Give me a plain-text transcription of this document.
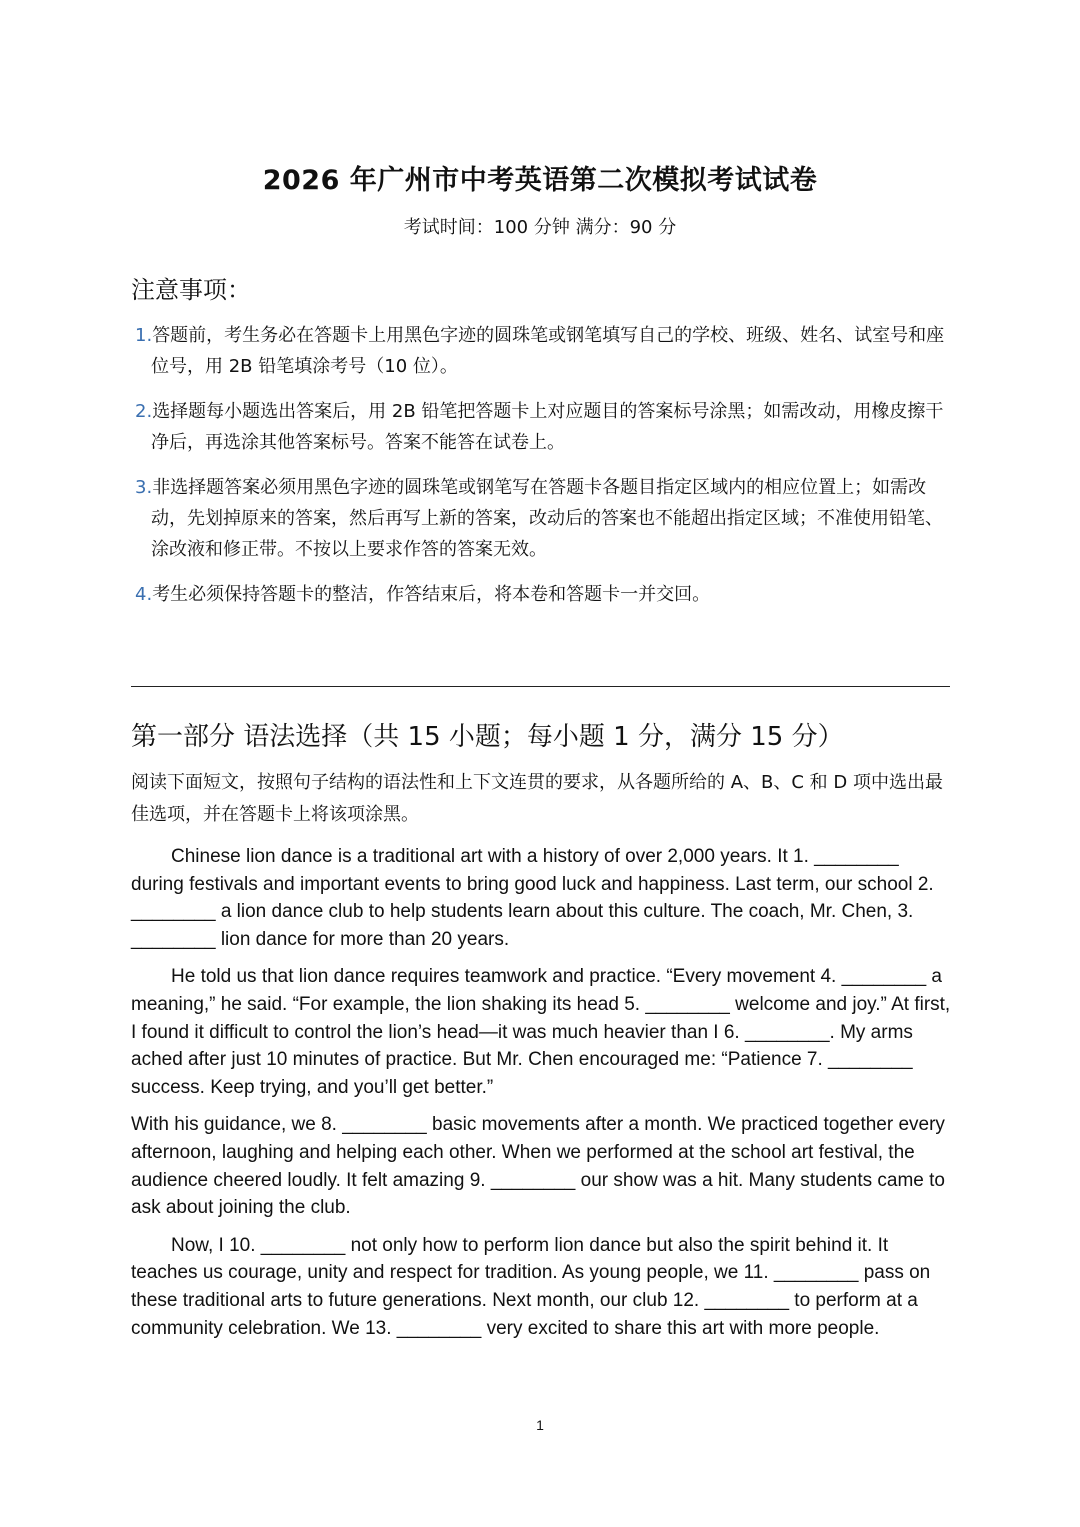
2026 年广州市中考英语第二次模拟考试试卷
考试时间：100 分钟 满分：90 分
注意事项：

1.答题前，考生务必在答题卡上用黑色字迹的圆珠笔或钢笔填写自己的学校、班级、姓名、试室号和座位号，用 2B 铅笔填涂考号（10 位）。

2.选择题每小题选出答案后，用 2B 铅笔把答题卡上对应题目的答案标号涂黑；如需改动，用橡皮擦干净后，再选涂其他答案标号。答案不能答在试卷上。

3.非选择题答案必须用黑色字迹的圆珠笔或钢笔写在答题卡各题目指定区域内的相应位置上；如需改动，先划掉原来的答案，然后再写上新的答案，改动后的答案也不能超出指定区域；不准使用铅笔、涂改液和修正带。不按以上要求作答的答案无效。

4.考生必须保持答题卡的整洁，作答结束后，将本卷和答题卡一并交回。

第一部分 语法选择（共 15 小题；每小题 1 分，满分 15 分）
阅读下面短文，按照句子结构的语法性和上下文连贯的要求，从各题所给的 A、B、C 和 D 项中选出最佳选项，并在答题卡上将该项涂黑。

Chinese lion dance is a traditional art with a history of over 2,000 years. It 1. ________ during festivals and important events to bring good luck and happiness. Last term, our school 2. ________ a lion dance club to help students learn about this culture. The coach, Mr. Chen, 3. ________ lion dance for more than 20 years.

He told us that lion dance requires teamwork and practice. “Every movement 4. ________ a meaning,” he said. “For example, the lion shaking its head 5. ________ welcome and joy.” At first, I found it difficult to control the lion’s head—it was much heavier than I 6. ________. My arms ached after just 10 minutes of practice. But Mr. Chen encouraged me: “Patience 7. ________ success. Keep trying, and you’ll get better.”

With his guidance, we 8. ________ basic movements after a month. We practiced together every afternoon, laughing and helping each other. When we performed at the school art festival, the audience cheered loudly. It felt amazing 9. ________ our show was a hit. Many students came to ask about joining the club.

Now, I 10. ________ not only how to perform lion dance but also the spirit behind it. It teaches us courage, unity and respect for tradition. As young people, we 11. ________ pass on these traditional arts to future generations. Next month, our club 12. ________ to perform at a community celebration. We 13. ________ very excited to share this art with more people.

1
